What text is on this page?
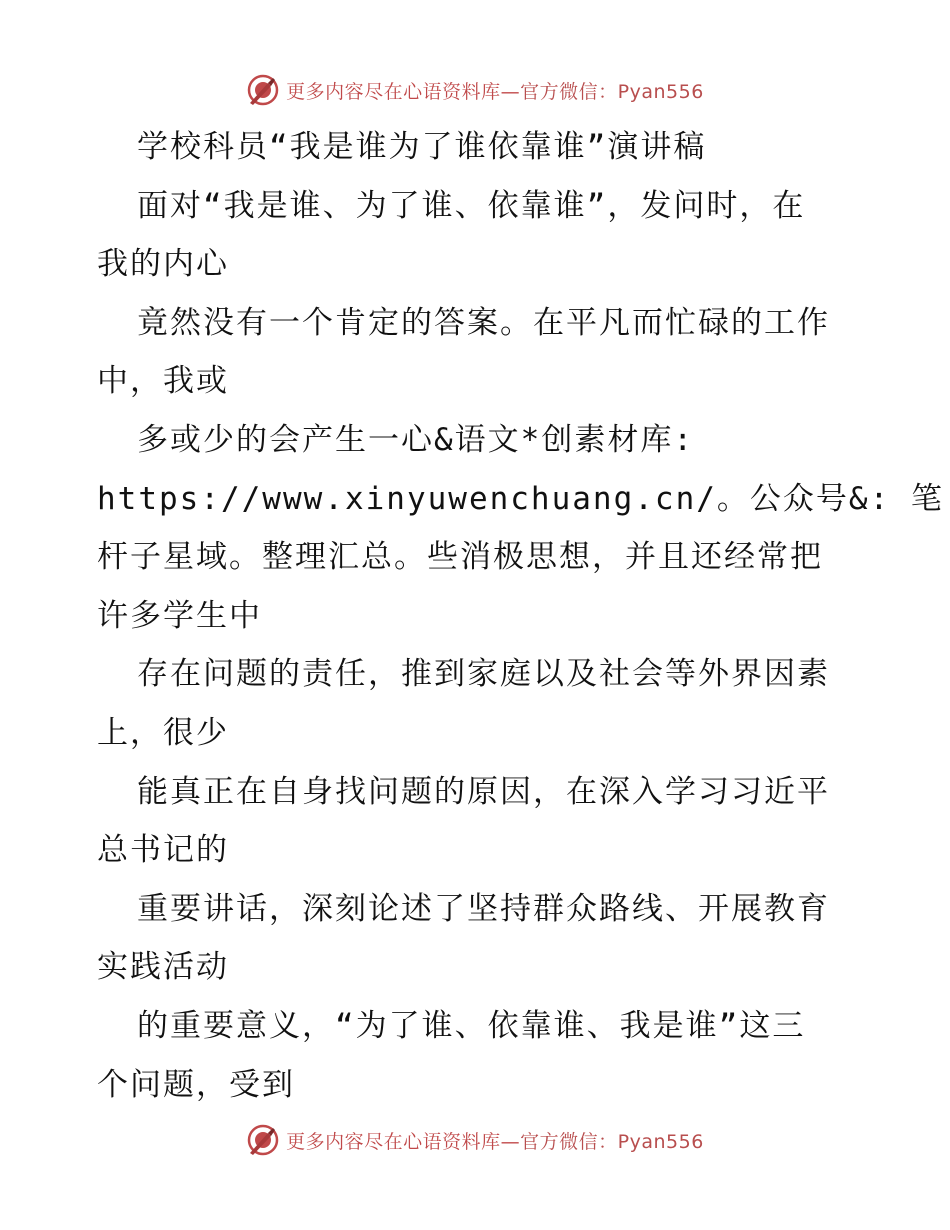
更多内容尽在心语资料库—官方微信：Pyan556
学校科员“我是谁为了谁依靠谁”演讲稿
面对“我是谁、为了谁、依靠谁”，发问时，在
我的内心
竟然没有一个肯定的答案。在平凡而忙碌的工作
中，我或
多或少的会产生一心&语文*创素材库:
https://www.xinyuwenchuang.cn/。公众号&: 笔
杆子星域。整理汇总。些消极思想，并且还经常把
许多学生中
存在问题的责任，推到家庭以及社会等外界因素
上，很少
能真正在自身找问题的原因，在深入学习习近平
总书记的
重要讲话，深刻论述了坚持群众路线、开展教育
实践活动
的重要意义，“为了谁、依靠谁、我是谁”这三
个问题，受到
更多内容尽在心语资料库—官方微信：Pyan556
